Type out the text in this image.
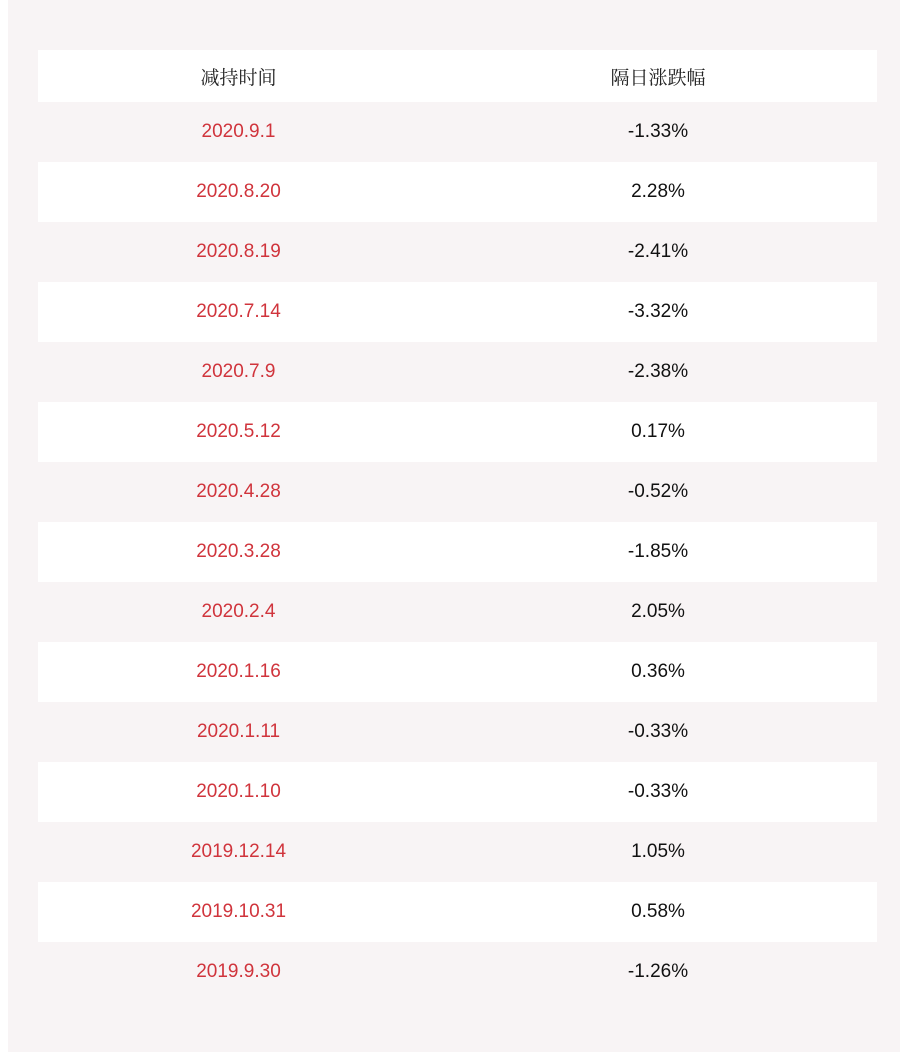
减持时间	隔日涨跌幅
2020.9.1	-1.33%
2020.8.20	2.28%
2020.8.19	-2.41%
2020.7.14	-3.32%
2020.7.9	-2.38%
2020.5.12	0.17%
2020.4.28	-0.52%
2020.3.28	-1.85%
2020.2.4	2.05%
2020.1.16	0.36%
2020.1.11	-0.33%
2020.1.10	-0.33%
2019.12.14	1.05%
2019.10.31	0.58%
2019.9.30	-1.26%
